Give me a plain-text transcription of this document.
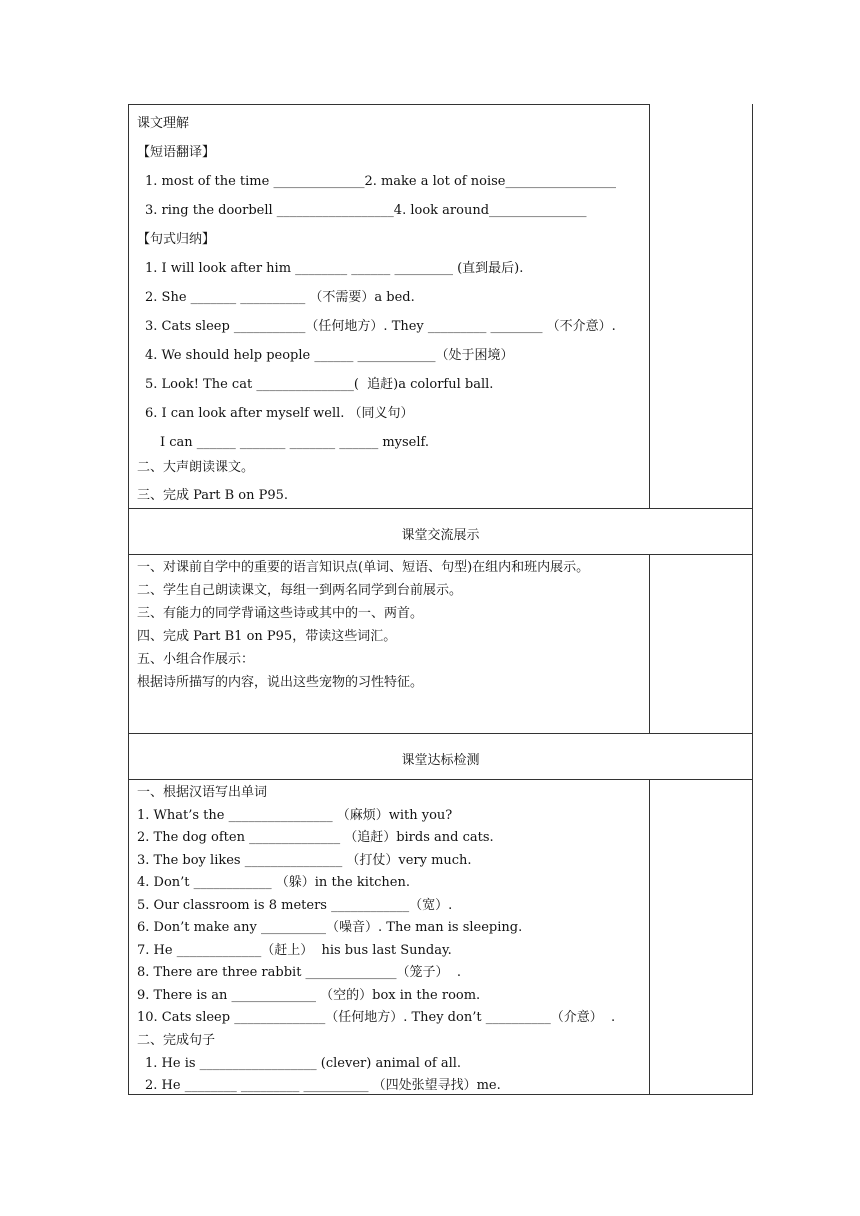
课文理解
【短语翻译】
1. most of the time ______________2. make a lot of noise_________________
3. ring the doorbell __________________4. look around_______________
【句式归纳】
1. I will look after him ________ ______ _________ (直到最后).
2. She _______ __________ （不需要）a bed.
3. Cats sleep ___________（任何地方）. They _________ ________ （不介意）.
4. We should help people ______ ____________（处于困境）
5. Look! The cat _______________(  追赶)a colorful ball.
6. I can look after myself well. （同义句）
I can ______ _______ _______ ______ myself.
二、大声朗读课文。
三、完成 Part B on P95.
课堂交流展示
一、对课前自学中的重要的语言知识点(单词、短语、句型)在组内和班内展示。
二、学生自己朗读课文，每组一到两名同学到台前展示。
三、有能力的同学背诵这些诗或其中的一、两首。
四、完成 Part B1 on P95，带读这些词汇。
五、小组合作展示：
根据诗所描写的内容，说出这些宠物的习性特征。
课堂达标检测
一、根据汉语写出单词
1. What’s the ________________ （麻烦）with you?
2. The dog often ______________ （追赶）birds and cats.
3. The boy likes _______________ （打仗）very much.
4. Don’t ____________ （躲）in the kitchen.
5. Our classroom is 8 meters ____________（宽）.
6. Don’t make any __________（噪音）. The man is sleeping.
7. He _____________（赶上）  his bus last Sunday.
8. There are three rabbit ______________（笼子）  .
9. There is an _____________ （空的）box in the room.
10. Cats sleep ______________（任何地方）. They don’t __________（介意）  .
二、完成句子
1. He is __________________ (clever) animal of all.
2. He ________ _________ __________ （四处张望寻找）me.
